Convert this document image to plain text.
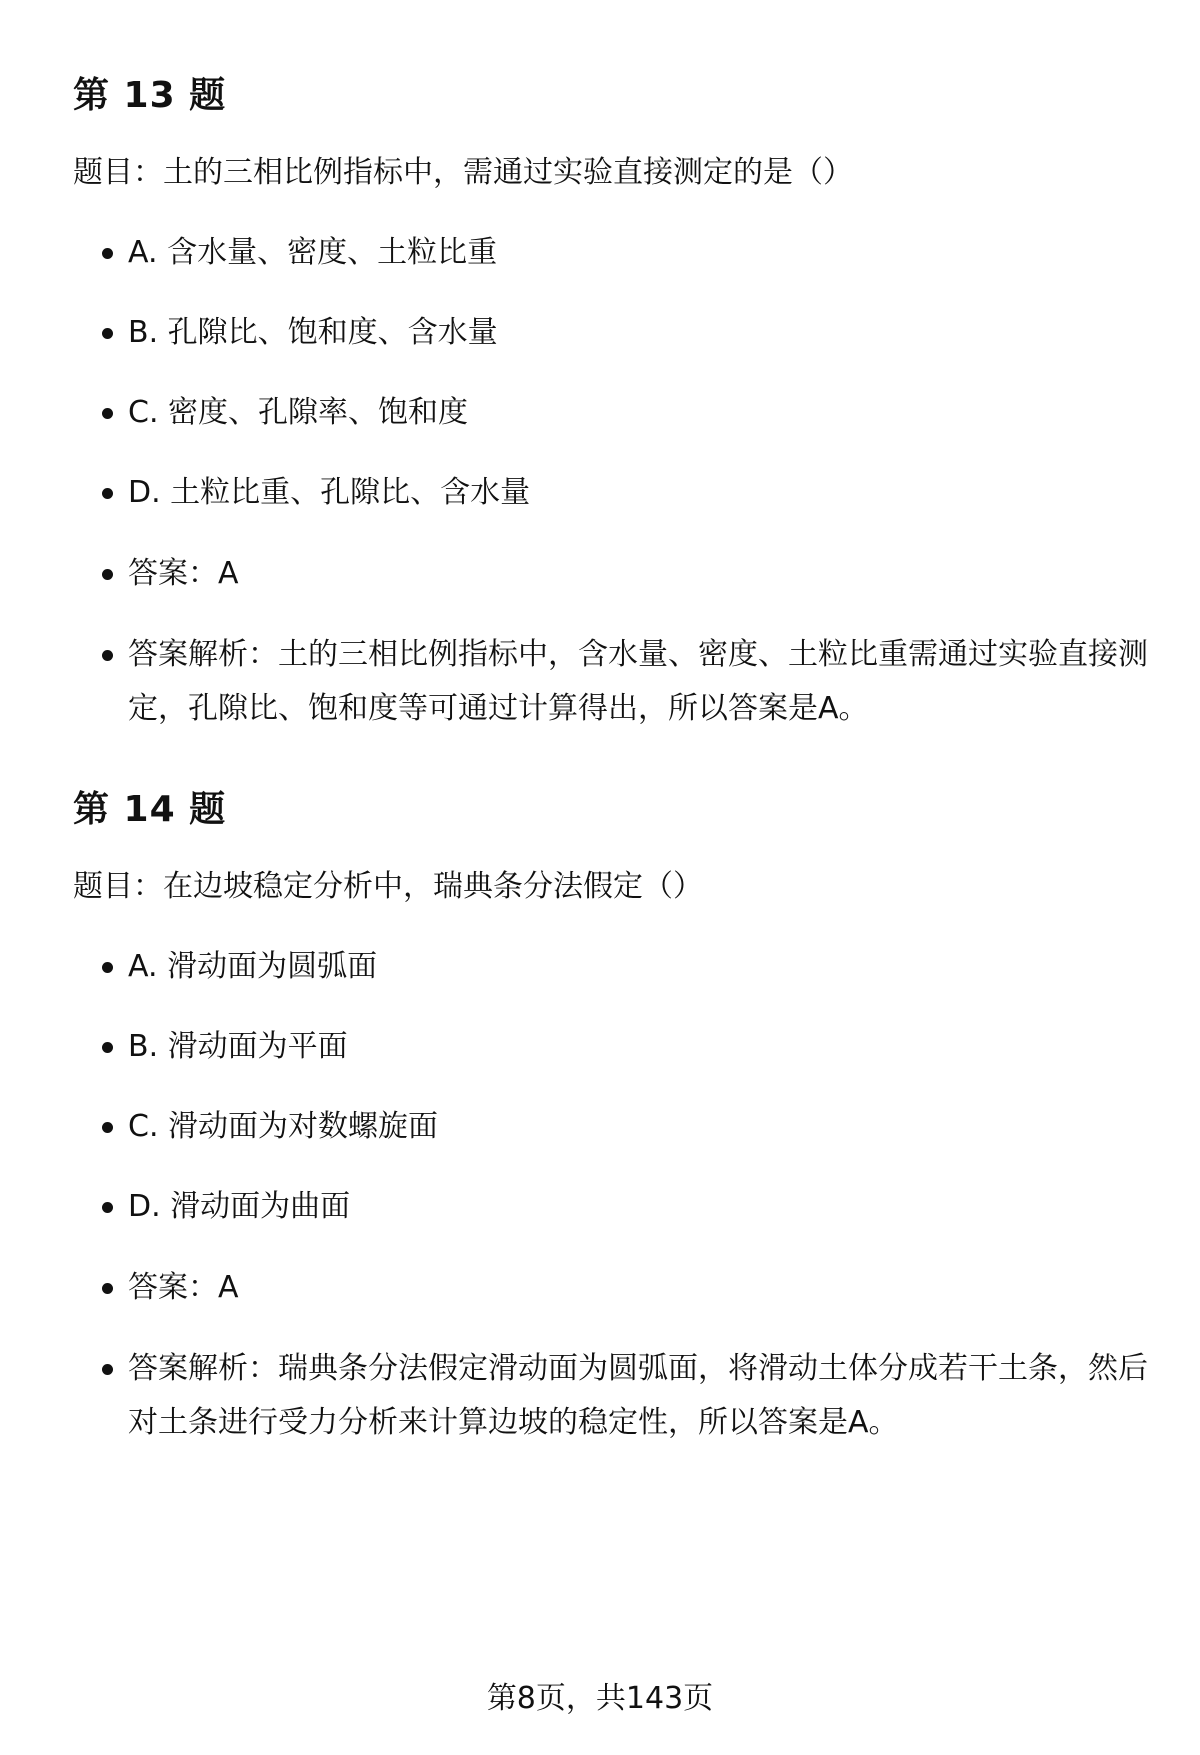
第 13 题

题目：土的三相比例指标中，需通过实验直接测定的是（）

A. 含水量、密度、土粒比重
B. 孔隙比、饱和度、含水量
C. 密度、孔隙率、饱和度
D. 土粒比重、孔隙比、含水量
答案：A
答案解析：土的三相比例指标中，含水量、密度、土粒比重需通过实验直接测
定，孔隙比、饱和度等可通过计算得出，所以答案是A。
第 14 题

题目：在边坡稳定分析中，瑞典条分法假定（）

A. 滑动面为圆弧面
B. 滑动面为平面
C. 滑动面为对数螺旋面
D. 滑动面为曲面
答案：A
答案解析：瑞典条分法假定滑动面为圆弧面，将滑动土体分成若干土条，然后
对土条进行受力分析来计算边坡的稳定性，所以答案是A。
第8页，共143页
